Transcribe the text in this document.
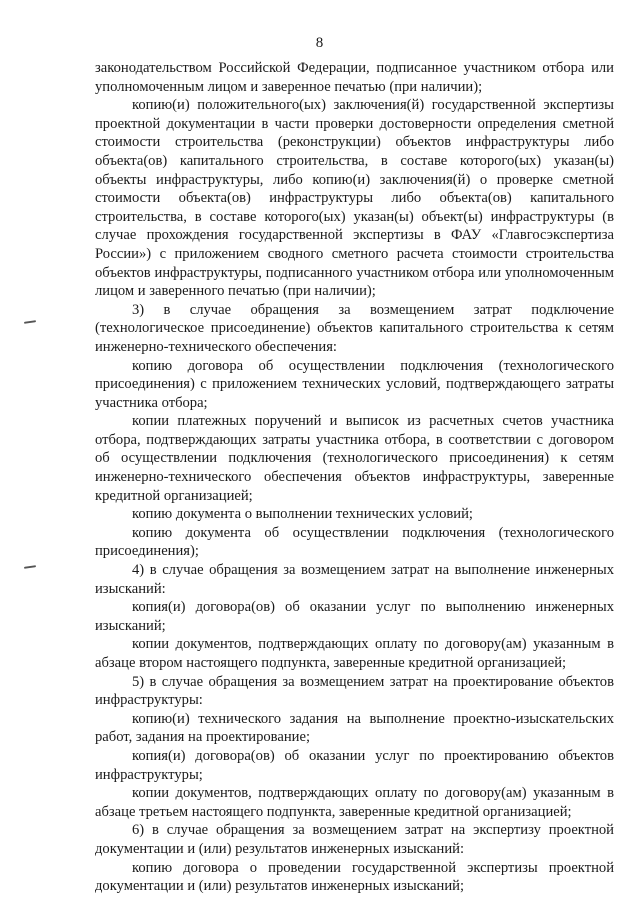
8

законодательством Российской Федерации, подписанное участником отбора или уполномоченным лицом и заверенное печатью (при наличии);

копию(и) положительного(ых) заключения(й) государственной экспертизы проектной документации в части проверки достоверности определения сметной стоимости строительства (реконструкции) объектов инфраструктуры либо объекта(ов) капитального строительства, в составе которого(ых) указан(ы) объекты инфраструктуры, либо копию(и) заключения(й) о проверке сметной стоимости объекта(ов) инфраструктуры либо объекта(ов) капитального строительства, в составе которого(ых) указан(ы) объект(ы) инфраструктуры (в случае прохождения государственной экспертизы в ФАУ «Главгосэкспертиза России») с приложением сводного сметного расчета стоимости строительства объектов инфраструктуры, подписанного участником отбора или уполномоченным лицом и заверенного печатью (при наличии);

3) в случае обращения за возмещением затрат подключение (технологическое присоединение) объектов капитального строительства к сетям инженерно-технического обеспечения:

копию договора об осуществлении подключения (технологического присоединения) с приложением технических условий, подтверждающего затраты участника отбора;

копии платежных поручений и выписок из расчетных счетов участника отбора, подтверждающих затраты участника отбора, в соответствии с договором об осуществлении подключения (технологического присоединения) к сетям инженерно-технического обеспечения объектов инфраструктуры, заверенные кредитной организацией;

копию документа о выполнении технических условий;

копию документа об осуществлении подключения (технологического присоединения);

4) в случае обращения за возмещением затрат на выполнение инженерных изысканий:

копия(и) договора(ов) об оказании услуг по выполнению инженерных изысканий;

копии документов, подтверждающих оплату по договору(ам) указанным в абзаце втором настоящего подпункта, заверенные кредитной организацией;

5) в случае обращения за возмещением затрат на проектирование объектов инфраструктуры:

копию(и) технического задания на выполнение проектно-изыскательских работ, задания на проектирование;

копия(и) договора(ов) об оказании услуг по проектированию объектов инфраструктуры;

копии документов, подтверждающих оплату по договору(ам) указанным в абзаце третьем настоящего подпункта, заверенные кредитной организацией;

6) в случае обращения за возмещением затрат на экспертизу проектной документации и (или) результатов инженерных изысканий:

копию договора о проведении государственной экспертизы проектной документации и (или) результатов инженерных изысканий;
